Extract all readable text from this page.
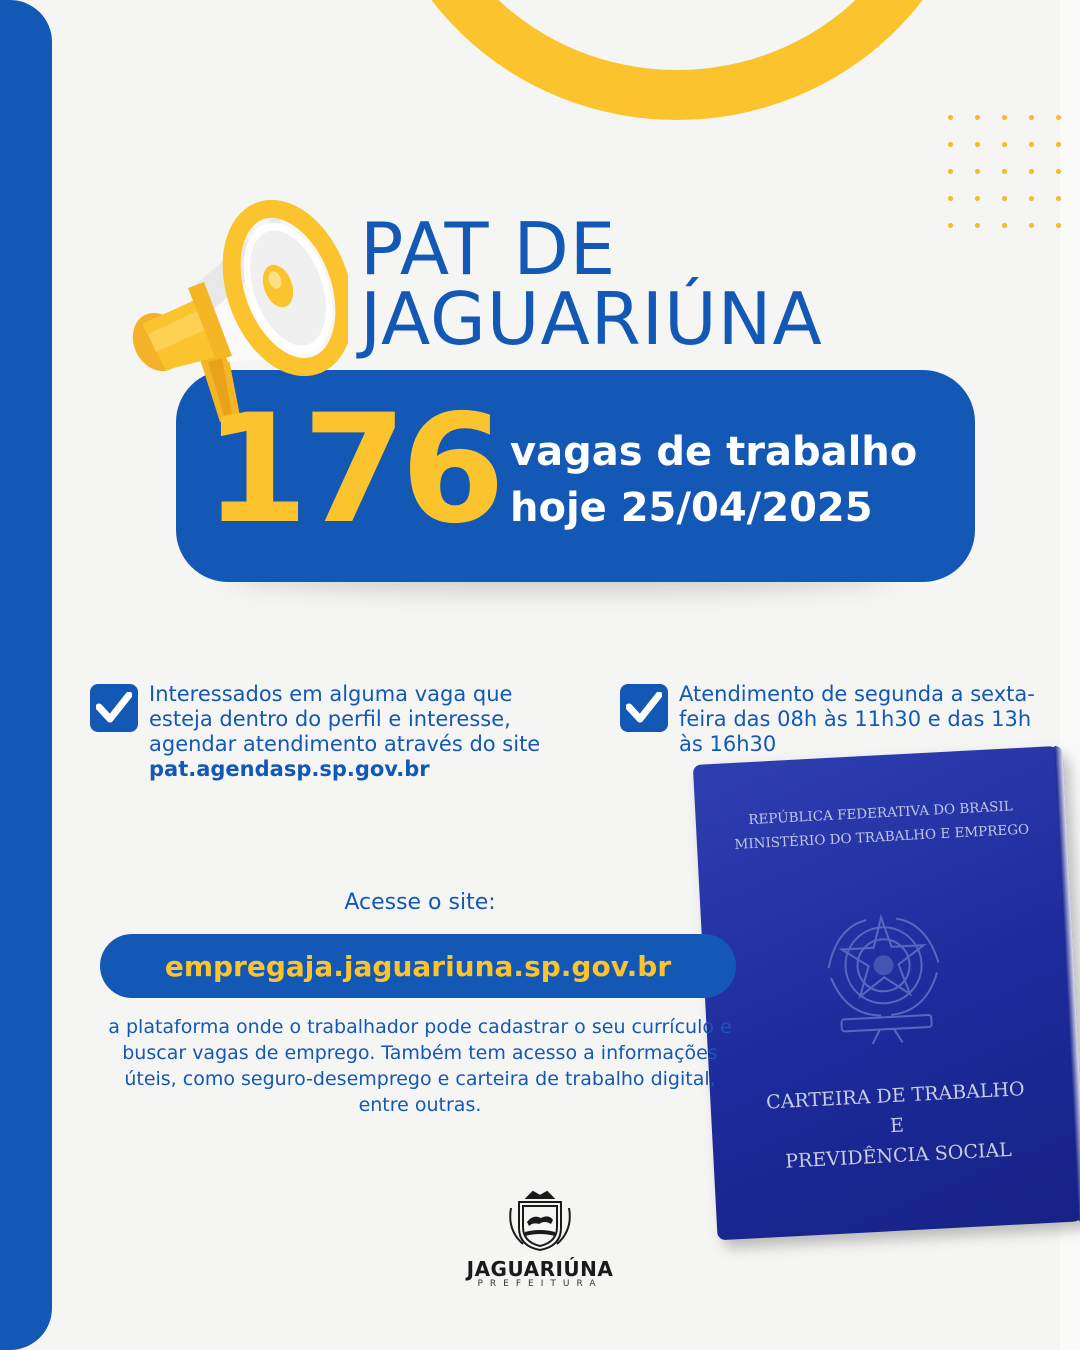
PAT DE
JAGUARIÚNA
176 vagas de trabalho
hoje 25/04/2025
Interessados em alguma vaga que esteja dentro do perfil e interesse, agendar atendimento através do site pat.agendasp.sp.gov.br
Atendimento de segunda a sexta-feira das 08h às 11h30 e das 13h às 16h30
REPÚBLICA FEDERATIVA DO BRASIL
MINISTÉRIO DO TRABALHO E EMPREGO
CARTEIRA DE TRABALHO
E
PREVIDÊNCIA SOCIAL
Acesse o site:
empregaja.jaguariuna.sp.gov.br
a plataforma onde o trabalhador pode cadastrar o seu currículo e buscar vagas de emprego. Também tem acesso a informações úteis, como seguro-desemprego e carteira de trabalho digital, entre outras.
JAGUARIÚNA
PREFEITURA
